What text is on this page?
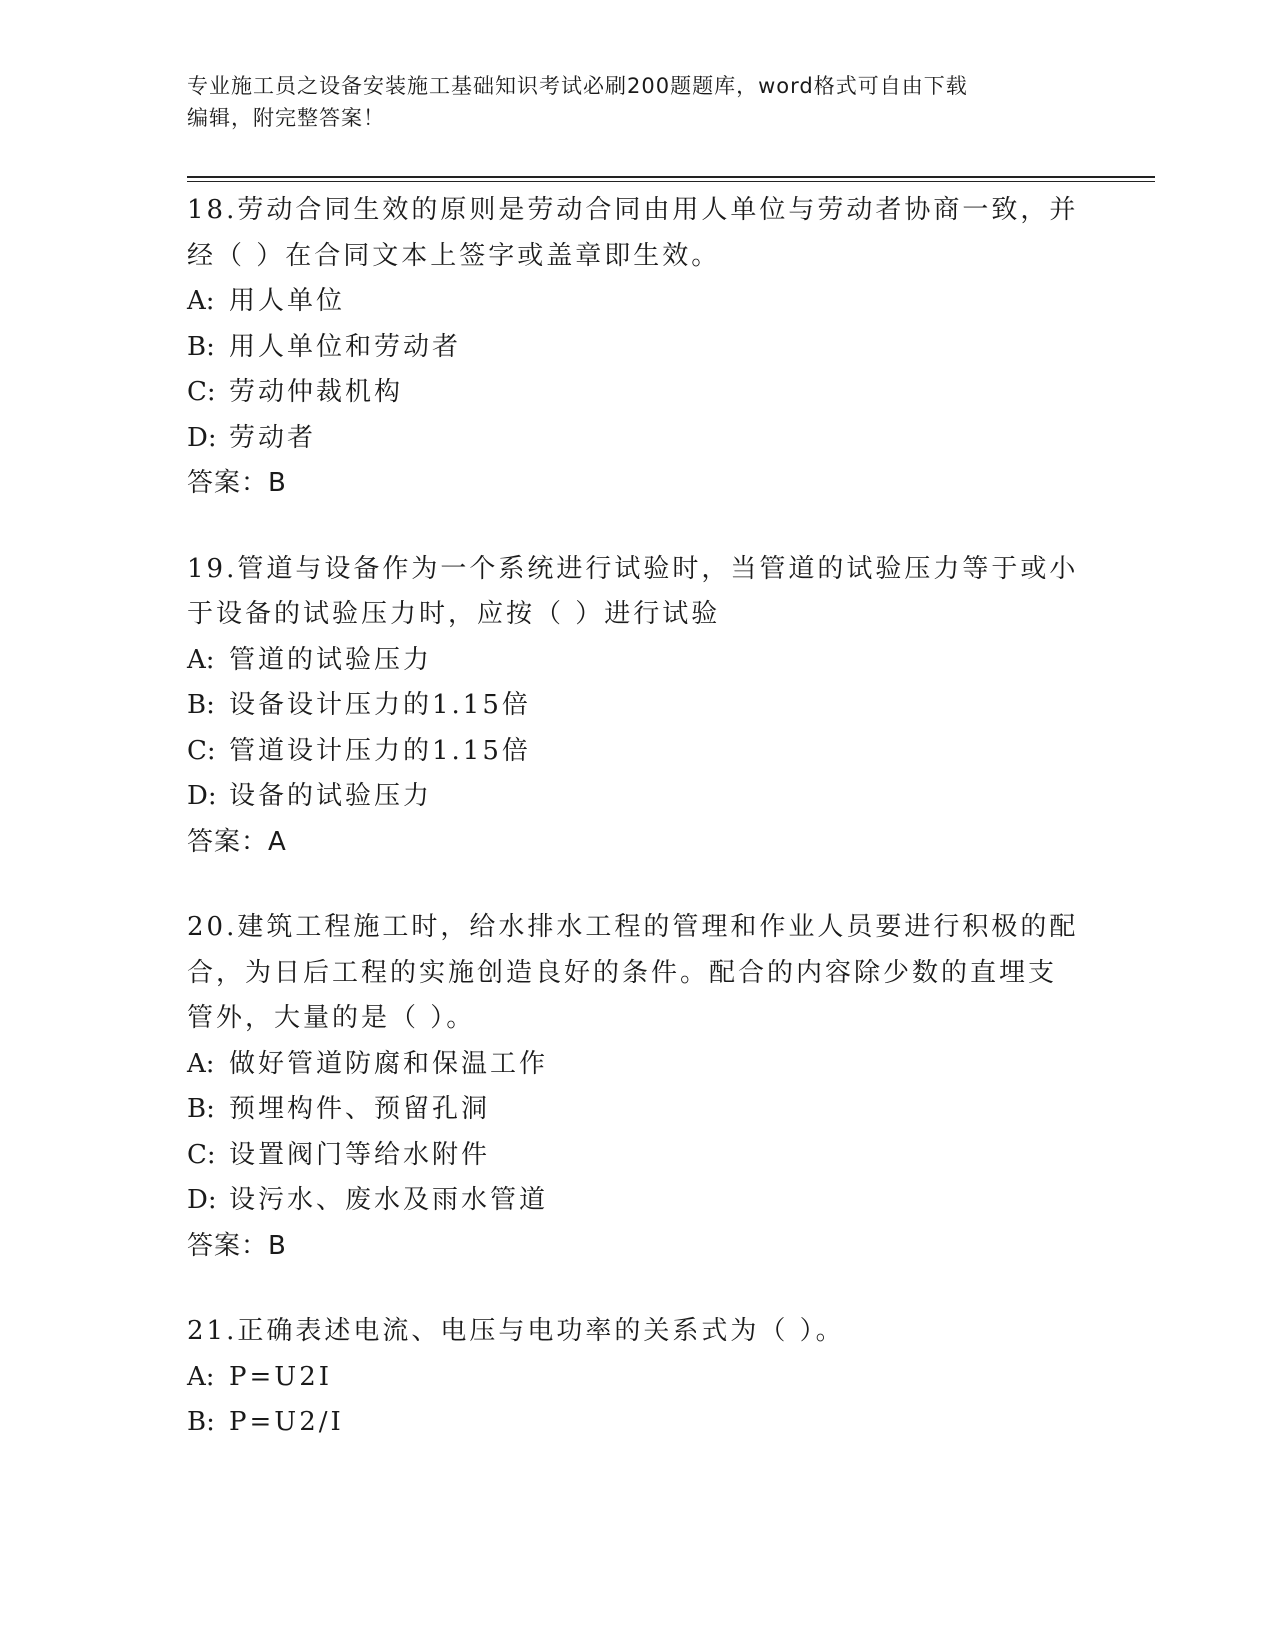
专业施工员之设备安装施工基础知识考试必刷200题题库，word格式可自由下载
编辑，附完整答案！
18.劳动合同生效的原则是劳动合同由用人单位与劳动者协商一致，并
经（ ）在合同文本上签字或盖章即生效。
A: 用人单位
B: 用人单位和劳动者
C: 劳动仲裁机构
D: 劳动者
答案：B
19.管道与设备作为一个系统进行试验时，当管道的试验压力等于或小
于设备的试验压力时，应按（ ）进行试验
A: 管道的试验压力
B: 设备设计压力的1.15倍
C: 管道设计压力的1.15倍
D: 设备的试验压力
答案：A
20.建筑工程施工时，给水排水工程的管理和作业人员要进行积极的配
合，为日后工程的实施创造良好的条件。配合的内容除少数的直埋支
管外，大量的是（ ）。
A: 做好管道防腐和保温工作
B: 预埋构件、预留孔洞
C: 设置阀门等给水附件
D: 设污水、废水及雨水管道
答案：B
21.正确表述电流、电压与电功率的关系式为（ ）。
A: P=U2I
B: P=U2/I
